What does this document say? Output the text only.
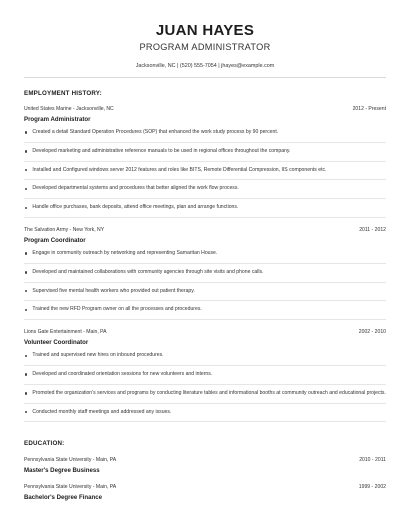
JUAN HAYES
PROGRAM ADMINISTRATOR
Jacksonville, NC | (520) 555-7054 | jhayes@example.com
EMPLOYMENT HISTORY:
United States Marine - Jacksonville, NC	2012 - Present
Program Administrator
Created a detail Standard Operation Procedures (SOP) that enhanced the work study process by 90 percent.
Developed marketing and administrative reference manuals to be used in regional offices throughout the company.
Installed and Configured windows server 2012 features and roles like BITS, Remote Differential Compression, IIS components etc.
Developed departmental systems and procedures that better aligned the work flow process.
Handle office purchases, bank deposits, attend office meetings, plan and arrange functions.
The Salvation Army - New York, NY	2011 - 2012
Program Coordinator
Engage in community outreach by networking and representing Samaritan House.
Developed and maintained collaborations with community agencies through site visits and phone calls.
Supervised five mental health workers who provided out patient therapy.
Trained the new RFD Program owner on all the processes and procedures.
Lions Gate Entertainment - Main, PA	2002 - 2010
Volunteer Coordinator
Trained and supervised new hires on inbound procedures.
Developed and coordinated orientation sessions for new volunteers and interns.
Promoted the organization's services and programs by conducting literature tables and informational booths at community outreach and educational projects.
Conducted monthly staff meetings and addressed any issues.
EDUCATION:
Pennsylvania State University - Main, PA	2010 - 2011
Master's Degree Business
Pennsylvania State University - Main, PA	1999 - 2002
Bachelor's Degree Finance
